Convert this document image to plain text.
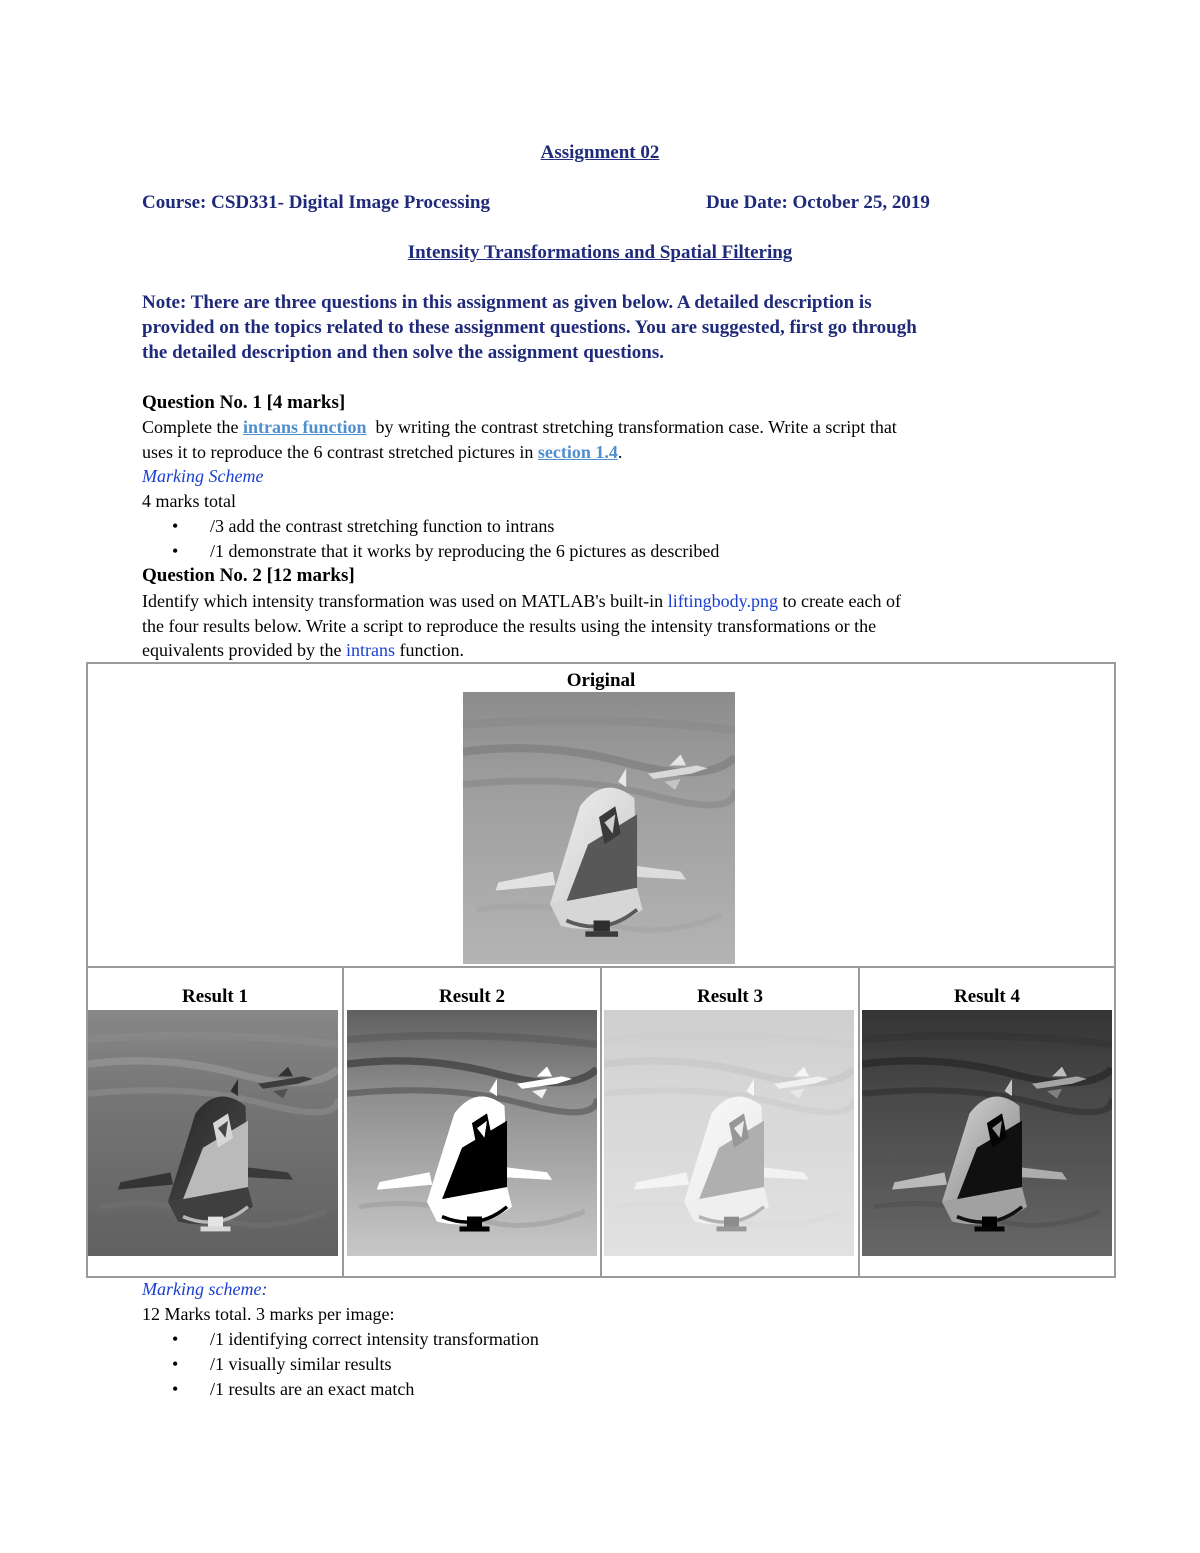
Assignment 02
Course: CSD331- Digital Image Processing	Due Date: October 25, 2019
Intensity Transformations and Spatial Filtering
Note: There are three questions in this assignment as given below. A detailed description is
provided on the topics related to these assignment questions. You are suggested, first go through
the detailed description and then solve the assignment questions.
Question No. 1 [4 marks]
Complete the intrans function  by writing the contrast stretching transformation case. Write a script that
uses it to reproduce the 6 contrast stretched pictures in section 1.4.
Marking Scheme
4 marks total
•
/3 add the contrast stretching function to intrans
•
/1 demonstrate that it works by reproducing the 6 pictures as described
Question No. 2 [12 marks]
Identify which intensity transformation was used on MATLAB's built-in liftingbody.png to create each of
the four results below. Write a script to reproduce the results using the intensity transformations or the
equivalents provided by the intrans function.
Original
Result 1	Result 2	Result 3	Result 4
Marking scheme:
12 Marks total. 3 marks per image:
•
/1 identifying correct intensity transformation
•
/1 visually similar results
•
/1 results are an exact match
